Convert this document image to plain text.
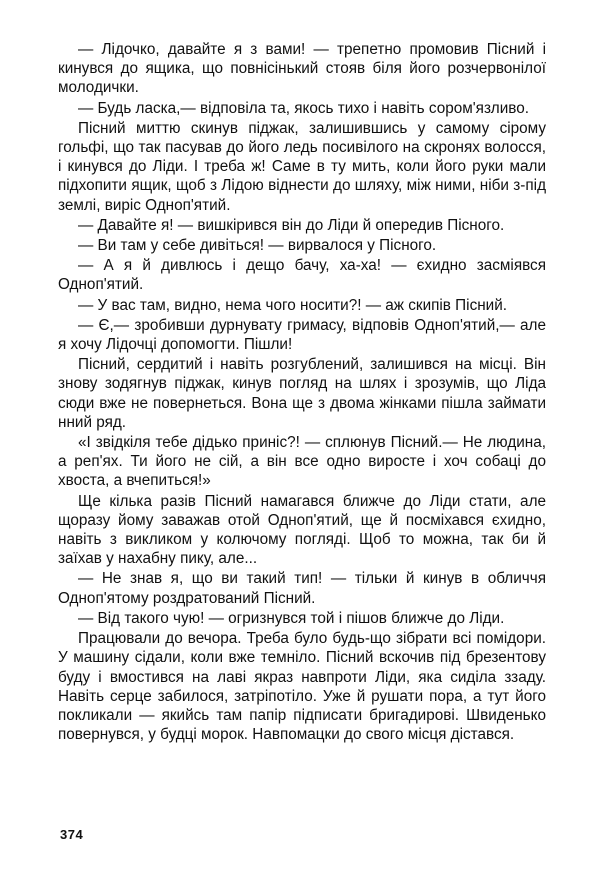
— Лідочко, давайте я з вами! — трепетно промовив Пісний і кинувся до ящика, що повнісінький стояв біля його розчервонілої молодички.

— Будь ласка,— відповіла та, якось тихо і навіть сором'язливо.

Пісний миттю скинув піджак, залишившись у самому сірому гольфі, що так пасував до його ледь посивілого на скронях волосся, і кинувся до Ліди. І треба ж! Саме в ту мить, коли його руки мали підхопити ящик, щоб з Лідою віднести до шляху, між ними, ніби з-під землі, виріс Одноп'ятий.

— Давайте я! — вишкірився він до Ліди й опередив Пісного.

— Ви там у себе дивіться! — вирвалося у Пісного.

— А я й дивлюсь і дещо бачу, ха-ха! — єхидно засміявся Одноп'ятий.

— У вас там, видно, нема чого носити?! — аж скипів Пісний.

— Є,— зробивши дурнувату гримасу, відповів Одноп'ятий,— але я хочу Лідочці допомогти. Пішли!

Пісний, сердитий і навіть розгублений, залишився на місці. Він знову зодягнув піджак, кинув погляд на шлях і зрозумів, що Ліда сюди вже не повернеться. Вона ще з двома жінками пішла займати нний ряд.

«І звідкіля тебе дідько приніс?! — сплюнув Пісний.— Не людина, а реп'ях. Ти його не сій, а він все одно виросте і хоч собаці до хвоста, а вчепиться!»

Ще кілька разів Пісний намагався ближче до Ліди стати, але щоразу йому заважав отой Одноп'ятий, ще й посміхався єхидно, навіть з викликом у колючому погляді. Щоб то можна, так би й заїхав у нахабну пику, але...

— Не знав я, що ви такий тип! — тільки й кинув в обличчя Одноп'ятому роздратований Пісний.

— Від такого чую! — огризнувся той і пішов ближче до Ліди.

Працювали до вечора. Треба було будь-що зібрати всі помідори. У машину сідали, коли вже темніло. Пісний вскочив під брезентову буду і вмостився на лаві якраз навпроти Ліди, яка сиділа ззаду. Навіть серце забилося, затріпотіло. Уже й рушати пора, а тут його покликали — якийсь там папір підписати бригадирові. Швиденько повернувся, у будці морок. Навпомацки до свого місця дістався.

374
